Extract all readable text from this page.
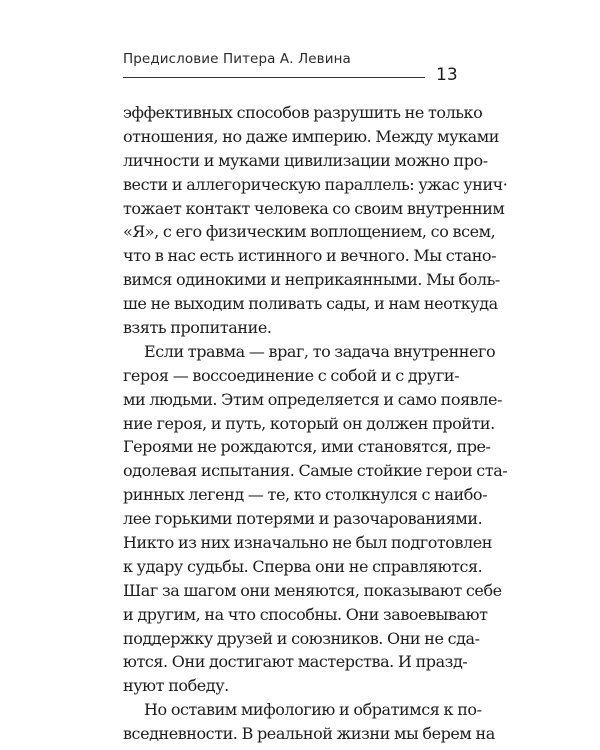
Предисловие Питера А. Левина
13
эффективных способов разрушить не только
отношения, но даже империю. Между муками
личности и муками цивилизации можно про-
вести и аллегорическую параллель: ужас унич·
тожает контакт человека со своим внутренним
«Я», с его физическим воплощением, со всем,
что в нас есть истинного и вечного. Мы стано-
вимся одинокими и неприкаянными. Мы боль-
ше не выходим поливать сады, и нам неоткуда
взять пропитание.
Если травма — враг, то задача внутреннего
героя — воссоединение с собой и с други-
ми людьми. Этим определяется и само появле-
ние героя, и путь, который он должен пройти.
Героями не рождаются, ими становятся, пре-
одолевая испытания. Самые стойкие герои ста-
ринных легенд — те, кто столкнулся с наибо-
лее горькими потерями и разочарованиями.
Никто из них изначально не был подготовлен
к удару судьбы. Сперва они не справляются.
Шаг за шагом они меняются, показывают себе
и другим, на что способны. Они завоевывают
поддержку друзей и союзников. Они не сда-
ются. Они достигают мастерства. И празд-
нуют победу.
Но оставим мифологию и обратимся к по-
вседневности. В реальной жизни мы берем на
